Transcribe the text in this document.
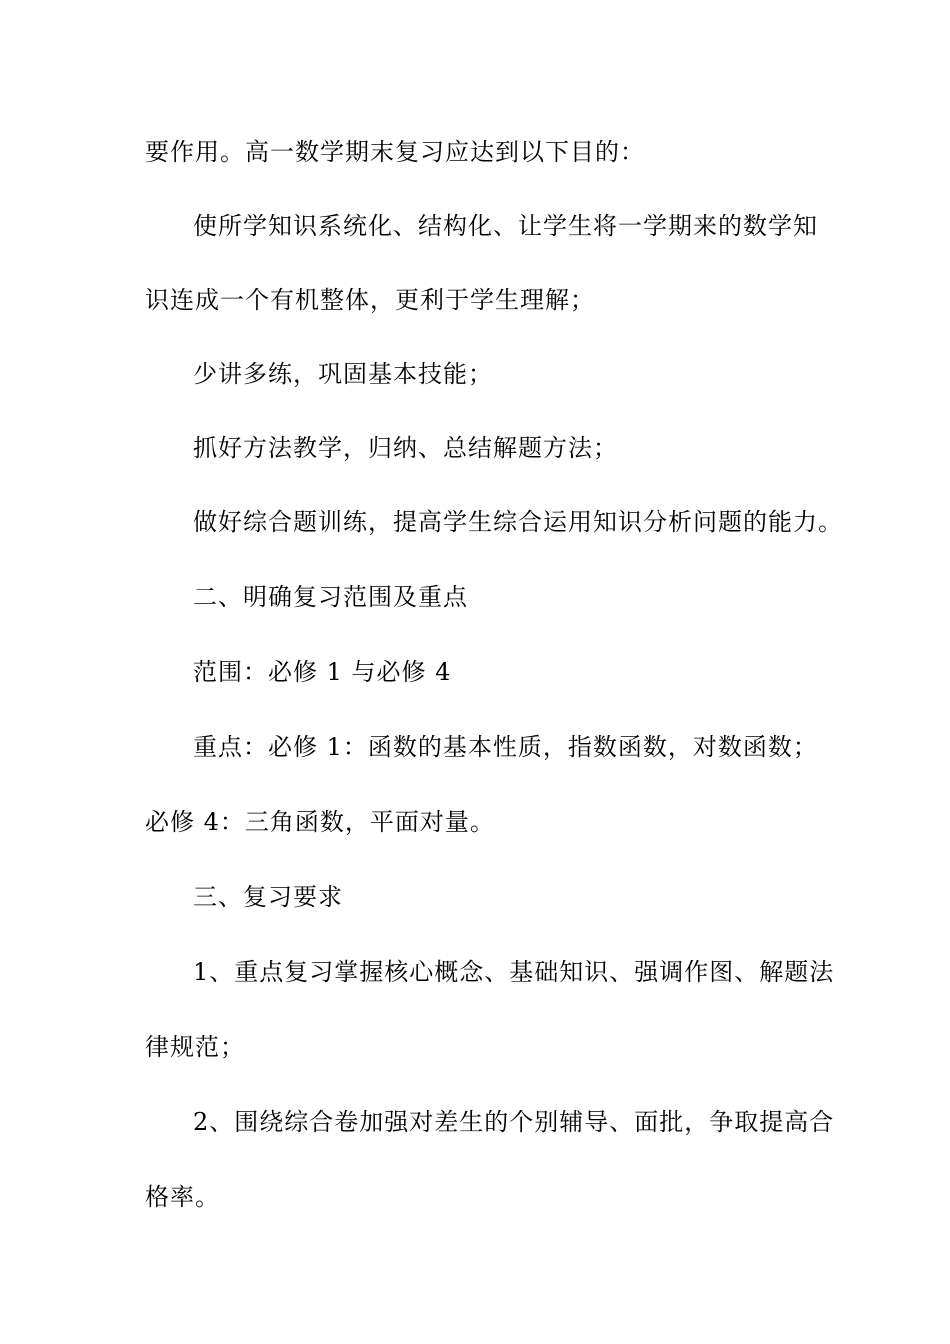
要作用。高一数学期末复习应达到以下目的：
使所学知识系统化、结构化、让学生将一学期来的数学知
识连成一个有机整体，更利于学生理解；
少讲多练，巩固基本技能；
抓好方法教学，归纳、总结解题方法；
做好综合题训练，提高学生综合运用知识分析问题的能力。
二、明确复习范围及重点
范围：必修 1 与必修 4
重点：必修 1：函数的基本性质，指数函数，对数函数；
必修 4：三角函数，平面对量。
三、复习要求
1、重点复习掌握核心概念、基础知识、强调作图、解题法
律规范；
2、围绕综合卷加强对差生的个别辅导、面批，争取提高合
格率。
